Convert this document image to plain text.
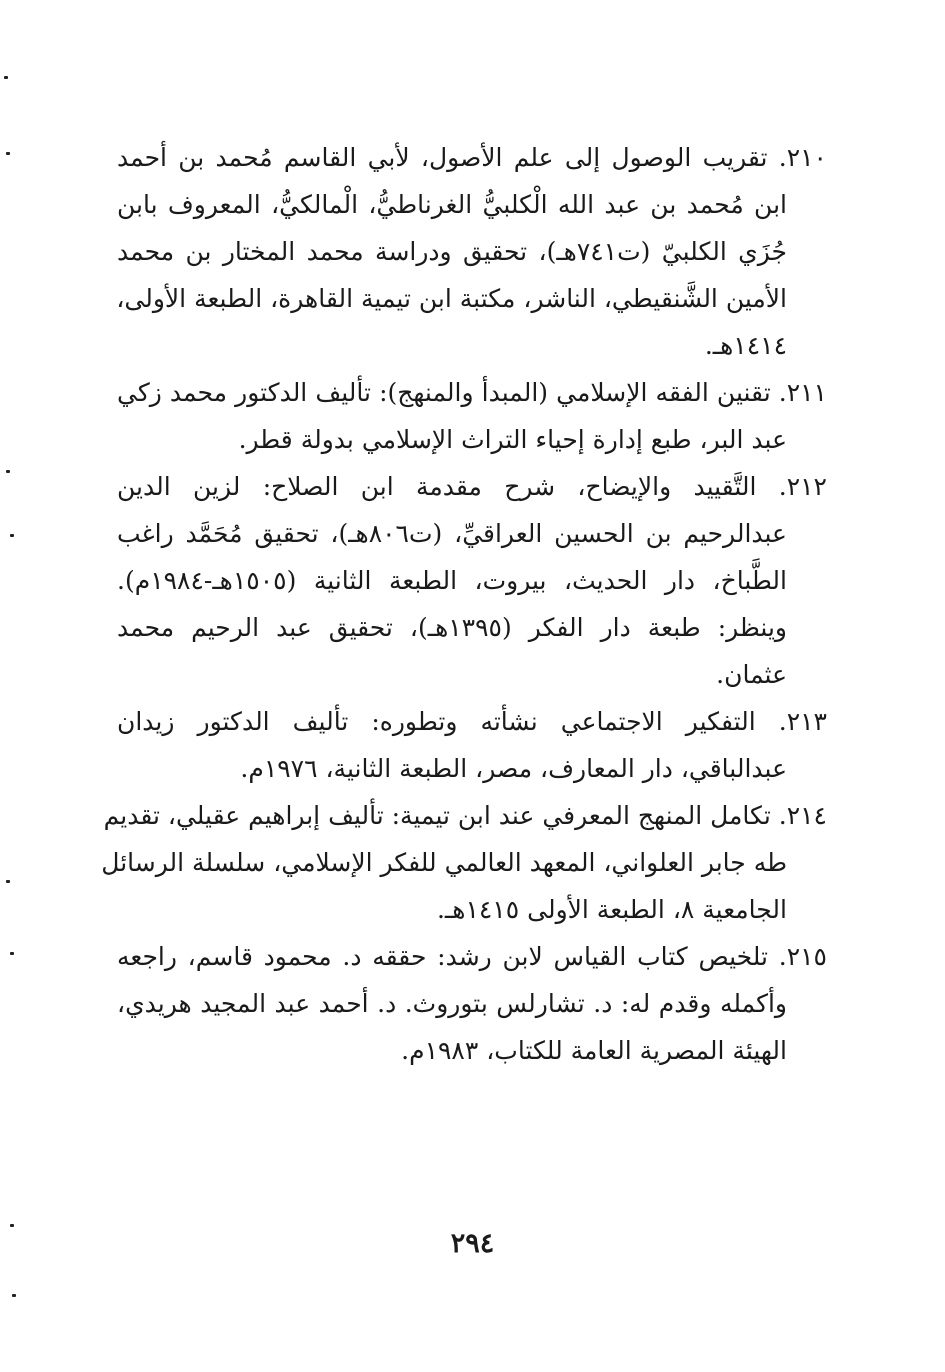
٢١٠. تقريب الوصول إلى علم الأصول، لأبي القاسم مُحمد بن أحمد
ابن مُحمد بن عبد الله الْكلبيُّ الغرناطيُّ، الْمالكيُّ، المعروف بابن
جُزَي الكلبيّ (ت٧٤١هـ)، تحقيق ودراسة محمد المختار بن محمد
الأمين الشَّنقيطي، الناشر، مكتبة ابن تيمية القاهرة، الطبعة الأولى،
١٤١٤هـ.
٢١١. تقنين الفقه الإسلامي (المبدأ والمنهج): تأليف الدكتور محمد زكي
عبد البر، طبع إدارة إحياء التراث الإسلامي بدولة قطر.
٢١٢. التَّقييد والإيضاح، شرح مقدمة ابن الصلاح: لزين الدين
عبدالرحيم بن الحسين العراقيِّ، (ت٨٠٦هـ)، تحقيق مُحَمَّد راغب
الطَّباخ، دار الحديث، بيروت، الطبعة الثانية (١٥٠٥هـ-١٩٨٤م).
وينظر: طبعة دار الفكر (١٣٩٥هـ)، تحقيق عبد الرحيم محمد
عثمان.
٢١٣. التفكير الاجتماعي نشأته وتطوره: تأليف الدكتور زيدان
عبدالباقي، دار المعارف، مصر، الطبعة الثانية، ١٩٧٦م.
٢١٤. تكامل المنهج المعرفي عند ابن تيمية: تأليف إبراهيم عقيلي، تقديم
طه جابر العلواني، المعهد العالمي للفكر الإسلامي، سلسلة الرسائل
الجامعية ٨، الطبعة الأولى ١٤١٥هـ.
٢١٥. تلخيص كتاب القياس لابن رشد: حققه د. محمود قاسم، راجعه
وأكمله وقدم له: د. تشارلس بتوروث. د. أحمد عبد المجيد هريدي،
الهيئة المصرية العامة للكتاب، ١٩٨٣م.
٢٩٤
